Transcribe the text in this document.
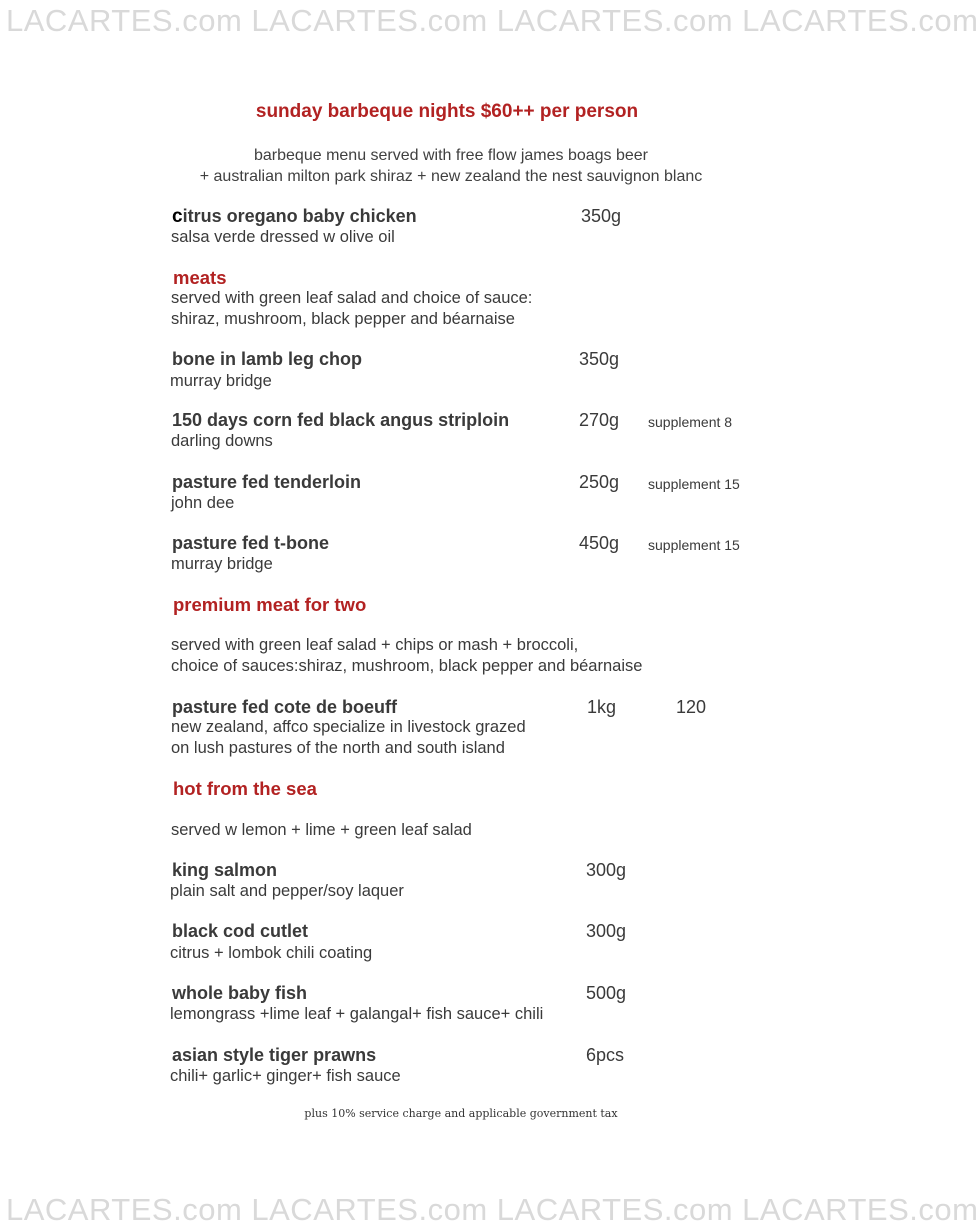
LACARTES.com LACARTES.com LACARTES.com LACARTES.com
sunday barbeque nights $60++ per person
barbeque menu served with free flow james boags beer
+ australian milton park shiraz + new zealand the nest sauvignon blanc
citrus oregano baby chicken	350g
salsa verde dressed w olive oil
meats
served with green leaf salad and choice of sauce:
shiraz, mushroom, black pepper and béarnaise
bone in lamb leg chop	350g
murray bridge
150 days corn fed black angus striploin	270g supplement 8
darling downs
pasture fed tenderloin	250g supplement 15
john dee
pasture fed t-bone	450g supplement 15
murray bridge
premium meat for two
served with green leaf salad + chips or mash + broccoli,
choice of sauces:shiraz, mushroom, black pepper and béarnaise
pasture fed cote de boeuff	1kg	120
new zealand, affco specialize in livestock grazed
on lush pastures of the north and south island
hot from the sea
served w lemon + lime + green leaf salad
king salmon	300g
plain salt and pepper/soy laquer
black cod cutlet	300g
citrus + lombok chili coating
whole baby fish	500g
lemongrass +lime leaf + galangal+ fish sauce+ chili
asian style tiger prawns	6pcs
chili+ garlic+ ginger+ fish sauce
plus 10% service charge and applicable government tax
LACARTES.com LACARTES.com LACARTES.com LACARTES.com
